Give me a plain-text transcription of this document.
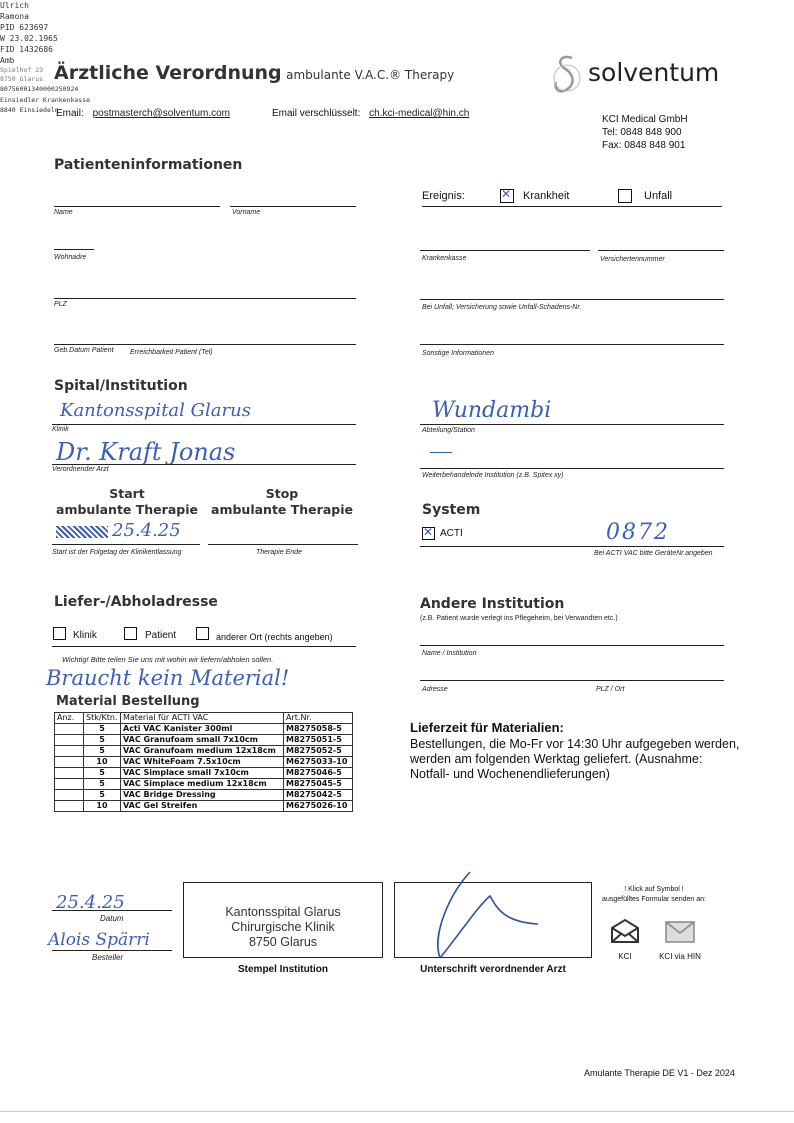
Ärztliche Verordnung ambulante V.A.C.® Therapy	solventum
Email: postmasterch@solventum.com	Email verschlüsselt: ch.kci-medical@hin.ch
KCI Medical GmbH
Tel: 0848 848 900
Fax: 0848 848 901
Patienteninformationen
Name	Vorname
Ulrich
Ramona
PID 623697
W 23.02.1965
FID 1432686
Amb
Wohnadre
Spielhof 23
8750 Glarus
PLZ
80756001340000250924
Einsiedler Krankenkasse
8840 Einsiedeln
Geb.Datum Patient Erreichbarkeit Patient (Tel)
Ereignis: ✕	Krankheit	Unfall
Krankenkasse	Versichertennummer
Bei Unfall; Versicherung sowie Unfall-Schadens-Nr.
Sonstige Informationen
Spital/Institution
Kantonsspital Glarus
Klinik
Dr. Kraft Jonas
Verordnender Arzt
Wundambi
Abteilung/Station
Weiterbehandelnde Institution (z.B. Spitex xy)
Start
ambulante Therapie
Stop
ambulante Therapie
25.4.25
Start ist der Folgetag der Klinikentlassung	Therapie Ende
System
✕
ACTI	0872
Bei ACTI VAC bitte GeräteNr.angeben
Liefer-/Abholadresse
Klinik	Patient	anderer Ort (rechts angeben)
Wichtig! Bitte teilen Sie uns mit wohin wir liefern/abholen sollen.
Braucht kein Material!
Andere Institution
(z.B. Patient wurde verlegt ins Pflegeheim, bei Verwandten etc.)
Name / Institution
Adresse	PLZ / Ort
Material Bestellung
Anz.	Stk/Ktn.	Material für ACTI VAC	Art.Nr.
	5	Acti VAC Kanister 300ml	M8275058-5
	5	VAC Granufoam small 7x10cm	M8275051-5
	5	VAC Granufoam medium 12x18cm	M8275052-5
	10	VAC WhiteFoam 7.5x10cm	M6275033-10
	5	VAC Simplace small 7x10cm	M8275046-5
	5	VAC Simplace medium 12x18cm	M8275045-5
	5	VAC Bridge Dressing	M8275042-5
	10	VAC Gel Streifen	M6275026-10
Lieferzeit für Materialien:
Bestellungen, die Mo-Fr vor 14:30 Uhr aufgegeben werden, werden am folgenden Werktag geliefert. (Ausnahme: Notfall- und Wochenendlieferungen)
25.4.25
Datum
Alois Spärri
Besteller
Kantonsspital Glarus
Chirurgische Klinik
8750 Glarus
Stempel Institution	Unterschrift verordnender Arzt
! Klick auf Symbol !
ausgefülltes Formular senden an:
KCI	KCI via HIN
Amulante Therapie DE V1 - Dez 2024
